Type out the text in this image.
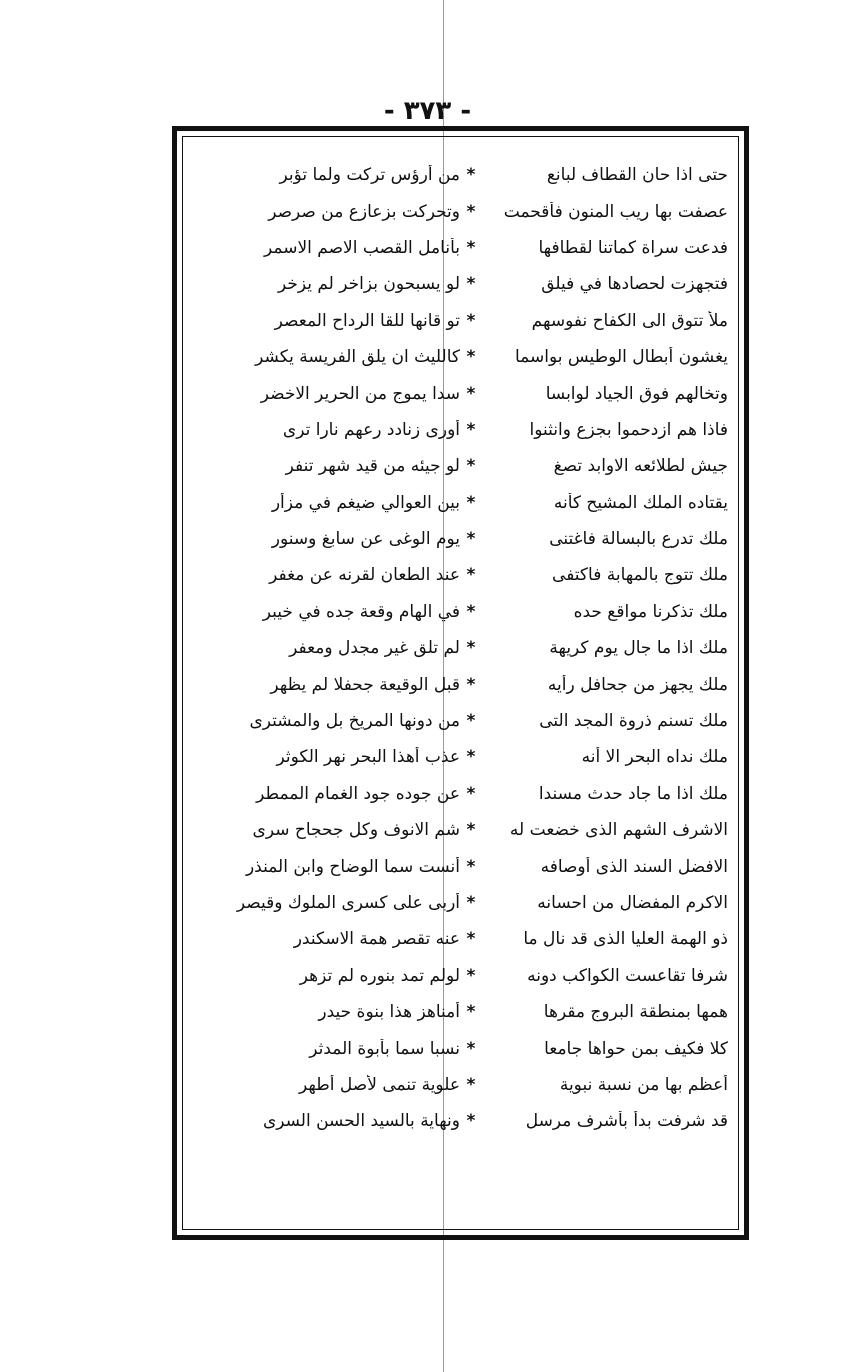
- ٣٧٣ -
حتى اذا حان القطاف لبانع
*
من أرؤس تركت ولما تؤبر
عصفت بها ريب المنون فأقحمت
*
وتحركت بزعازع من صرصر
فدعت سراة كماتنا لقطافها
*
بأنامل القصب الاصم الاسمر
فتجهزت لحصادها في فيلق
*
لو يسبحون بزاخر لم يزخر
ملأ تتوق الى الكفاح نفوسهم
*
تو قانها للقا الرداح المعصر
يغشون أبطال الوطيس بواسما
*
كالليث ان يلق الفريسة يكشر
وتخالهم فوق الجياد لوابسا
*
سدا يموج من الحرير الاخضر
فاذا هم ازدحموا بجزع وانثنوا
*
أورى زنادد رعهم نارا ترى
جيش لطلائعه الاوابد تصغ
*
لو جيئه من قيد شهر تنفر
يقتاده الملك المشيح كأنه
*
بين العوالي ضيغم في مزأر
ملك تدرع بالبسالة فاغتنى
*
يوم الوغى عن سابغ وسنور
ملك تتوج بالمهابة فاكتفى
*
عند الطعان لقرنه عن مغفر
ملك تذكرنا مواقع حده
*
في الهام وقعة جده في خيبر
ملك اذا ما جال يوم كريهة
*
لم تلق غير مجدل ومعفر
ملك يجهز من جحافل رأيه
*
قبل الوقيعة جحفلا لم يظهر
ملك تسنم ذروة المجد التى
*
من دونها المريخ بل والمشترى
ملك نداه البحر الا أنه
*
عذب أهذا البحر نهر الكوثر
ملك اذا ما جاد حدث مسندا
*
عن جوده جود الغمام الممطر
الاشرف الشهم الذى خضعت له
*
شم الانوف وكل جحجاح سرى
الافضل السند الذى أوصافه
*
أنست سما الوضاح وابن المنذر
الاكرم المفضال من احسانه
*
أربى على كسرى الملوك وقيصر
ذو الهمة العليا الذى قد نال ما
*
عنه تقصر همة الاسكندر
شرفا تقاعست الكواكب دونه
*
لولم تمد بنوره لم تزهر
همها بمنطقة البروج مقرها
*
أمناهز هذا بنوة حيدر
كلا فكيف بمن حواها جامعا
*
نسبا سما بأبوة المدثر
أعظم بها من نسبة نبوية
*
علوية تنمى لأصل أطهر
قد شرفت بدأ بأشرف مرسل
*
ونهاية بالسيد الحسن السرى
